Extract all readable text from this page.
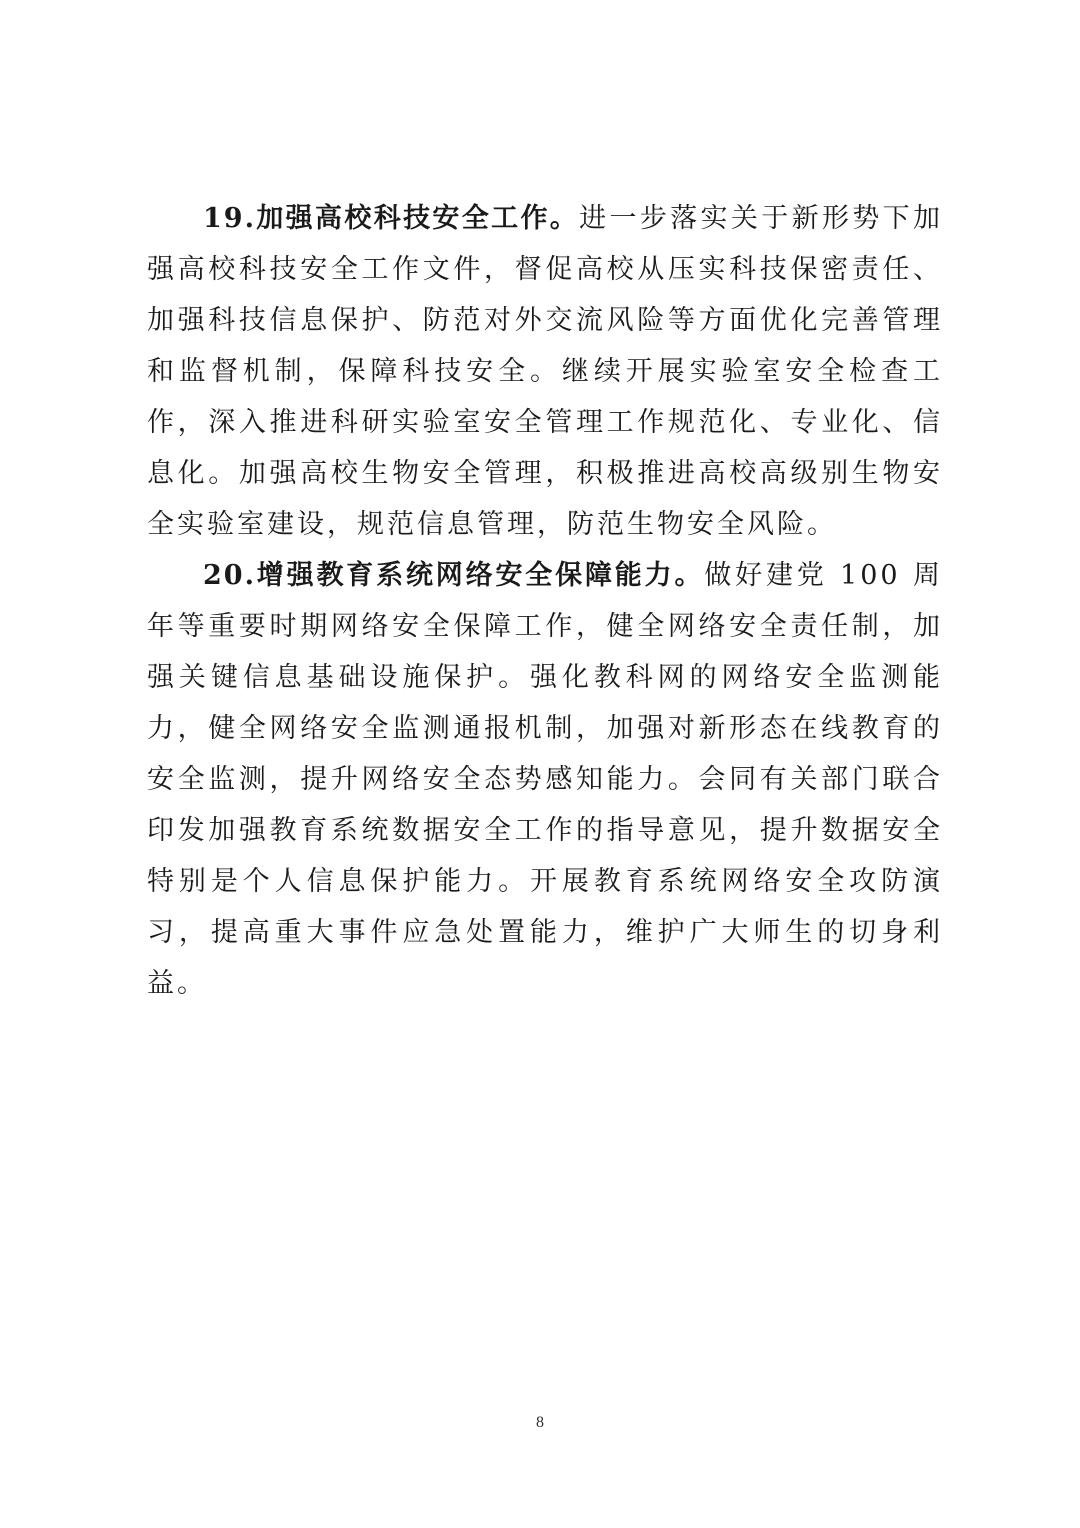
19.加强高校科技安全工作。进一步落实关于新形势下加强高校科技安全工作文件，督促高校从压实科技保密责任、加强科技信息保护、防范对外交流风险等方面优化完善管理和监督机制，保障科技安全。继续开展实验室安全检查工作，深入推进科研实验室安全管理工作规范化、专业化、信息化。加强高校生物安全管理，积极推进高校高级别生物安全实验室建设，规范信息管理，防范生物安全风险。

20.增强教育系统网络安全保障能力。做好建党 100 周年等重要时期网络安全保障工作，健全网络安全责任制，加强关键信息基础设施保护。强化教科网的网络安全监测能力，健全网络安全监测通报机制，加强对新形态在线教育的安全监测，提升网络安全态势感知能力。会同有关部门联合印发加强教育系统数据安全工作的指导意见，提升数据安全特别是个人信息保护能力。开展教育系统网络安全攻防演习，提高重大事件应急处置能力，维护广大师生的切身利益。

8
